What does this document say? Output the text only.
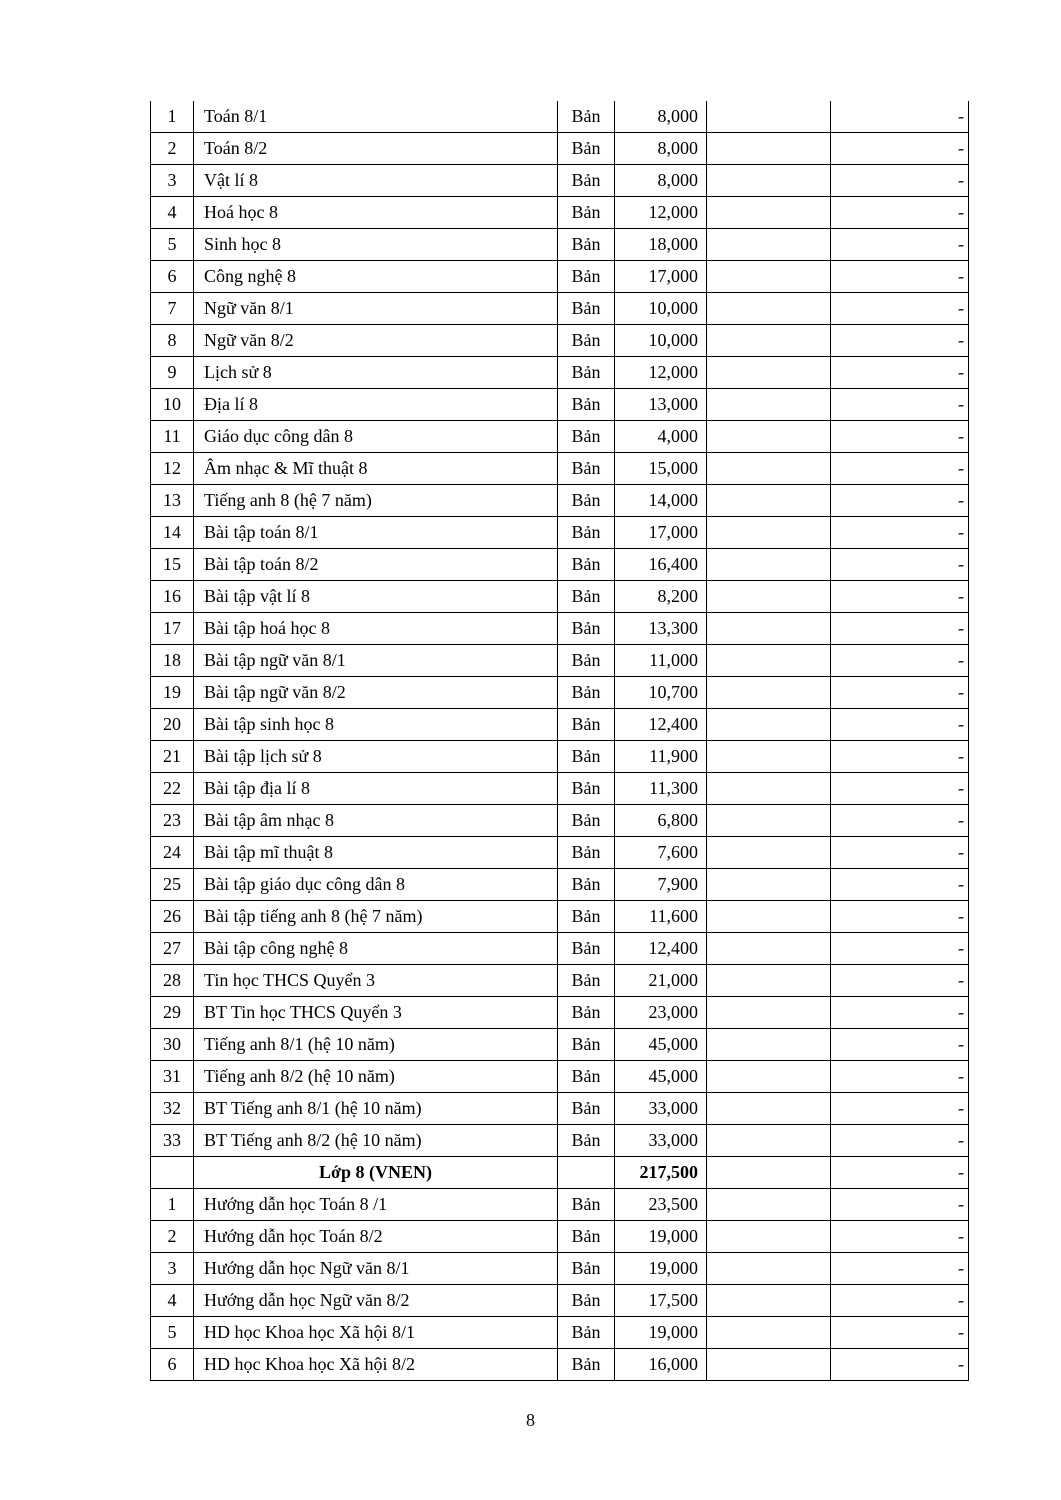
1	Toán 8/1	Bản	8,000		-
2	Toán 8/2	Bản	8,000		-
3	Vật lí 8	Bản	8,000		-
4	Hoá học 8	Bản	12,000		-
5	Sinh học 8	Bản	18,000		-
6	Công nghệ 8	Bản	17,000		-
7	Ngữ văn 8/1	Bản	10,000		-
8	Ngữ văn 8/2	Bản	10,000		-
9	Lịch sử 8	Bản	12,000		-
10	Địa lí 8	Bản	13,000		-
11	Giáo dục công dân 8	Bản	4,000		-
12	Âm nhạc & Mĩ thuật 8	Bản	15,000		-
13	Tiếng anh 8 (hệ 7 năm)	Bản	14,000		-
14	Bài tập toán 8/1	Bản	17,000		-
15	Bài tập toán 8/2	Bản	16,400		-
16	Bài tập vật lí 8	Bản	8,200		-
17	Bài tập hoá học 8	Bản	13,300		-
18	Bài tập ngữ văn 8/1	Bản	11,000		-
19	Bài tập ngữ văn 8/2	Bản	10,700		-
20	Bài tập sinh học 8	Bản	12,400		-
21	Bài tập lịch sử 8	Bản	11,900		-
22	Bài tập địa lí 8	Bản	11,300		-
23	Bài tập âm nhạc 8	Bản	6,800		-
24	Bài tập mĩ thuật 8	Bản	7,600		-
25	Bài tập giáo dục công dân 8	Bản	7,900		-
26	Bài tập tiếng anh 8 (hệ 7 năm)	Bản	11,600		-
27	Bài tập công nghệ 8	Bản	12,400		-
28	Tin học THCS Quyển 3	Bản	21,000		-
29	BT Tin học THCS Quyển 3	Bản	23,000		-
30	Tiếng anh 8/1 (hệ 10 năm)	Bản	45,000		-
31	Tiếng anh 8/2 (hệ 10 năm)	Bản	45,000		-
32	BT Tiếng anh 8/1 (hệ 10 năm)	Bản	33,000		-
33	BT Tiếng anh 8/2 (hệ 10 năm)	Bản	33,000		-
	Lớp 8 (VNEN)		217,500		-
1	Hướng dẫn học Toán 8 /1	Bản	23,500		-
2	Hướng dẫn học Toán 8/2	Bản	19,000		-
3	Hướng dẫn học Ngữ văn 8/1	Bản	19,000		-
4	Hướng dẫn học Ngữ văn 8/2	Bản	17,500		-
5	HD học Khoa học Xã hội 8/1	Bản	19,000		-
6	HD học Khoa học Xã hội 8/2	Bản	16,000		-
8
